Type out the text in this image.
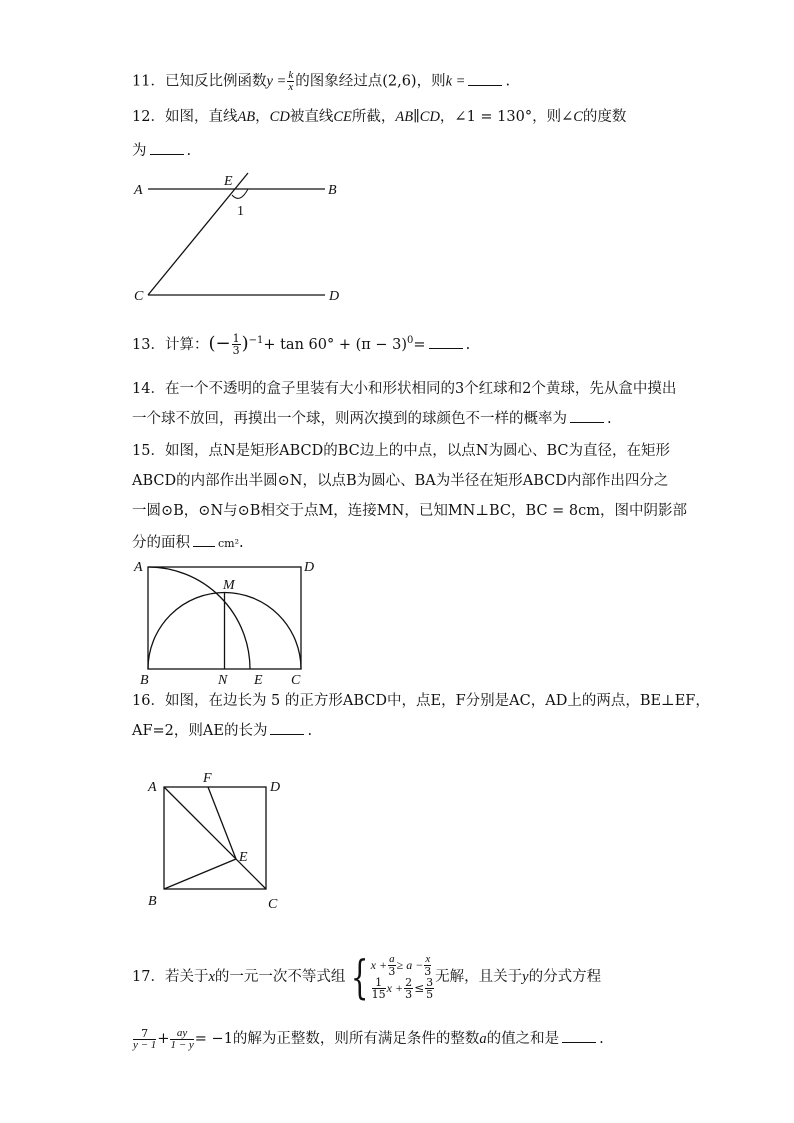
11．已知反比例函数$y = \frac{k}{x}$ 的图象经过点(2,6)，则k =	.
12．如图，直线AB，CD被直线CE所截，AB∥CD，∠1 = 130°，则∠C的度数
为	.
A
E
B
1
C	D
13．计算：(− $\frac{1}{3} )^{-1}+ \tan 60^\circ + (\pi - 3)^0=$	.
14．在一个不透明的盒子里装有大小和形状相同的3个红球和2个黄球，先从盒中摸出
一个球不放回，再摸出一个球，则两次摸到的球颜色不一样的概率为	.
15．如图，点N是矩形ABCD的BC边上的中点，以点N为圆心、BC为直径，在矩形
ABCD的内部作出半圆⊙N，以点B为圆心、BA为半径在矩形ABCD内部作出四分之
一圆⊙B，⊙N与⊙B相交于点M，连接MN，已知MN⊥BC，BC = 8cm，图中阴影部
分的面积	cm².
A	D
M
B	N E C
16．如图，在边长为 5 的正方形ABCD中，点E，F分别是AC，AD上的两点，BE⊥EF，
AF=2，则AE的长为	.
A
F
D
E
B	C
17．若关于x的一元一次不等式组 { $x + \frac{a}{3} \ge a - \frac{x}{3}$
$\frac{1}{15}$ $x + \frac{2}{3} \le \frac{3}{5}$ 无解，且关于y的分式方程
$\frac{7}{y - 1} + \frac{ay}{1 - y} = -1$的解为正整数，则所有满足条件的整数a的值之和是	.
